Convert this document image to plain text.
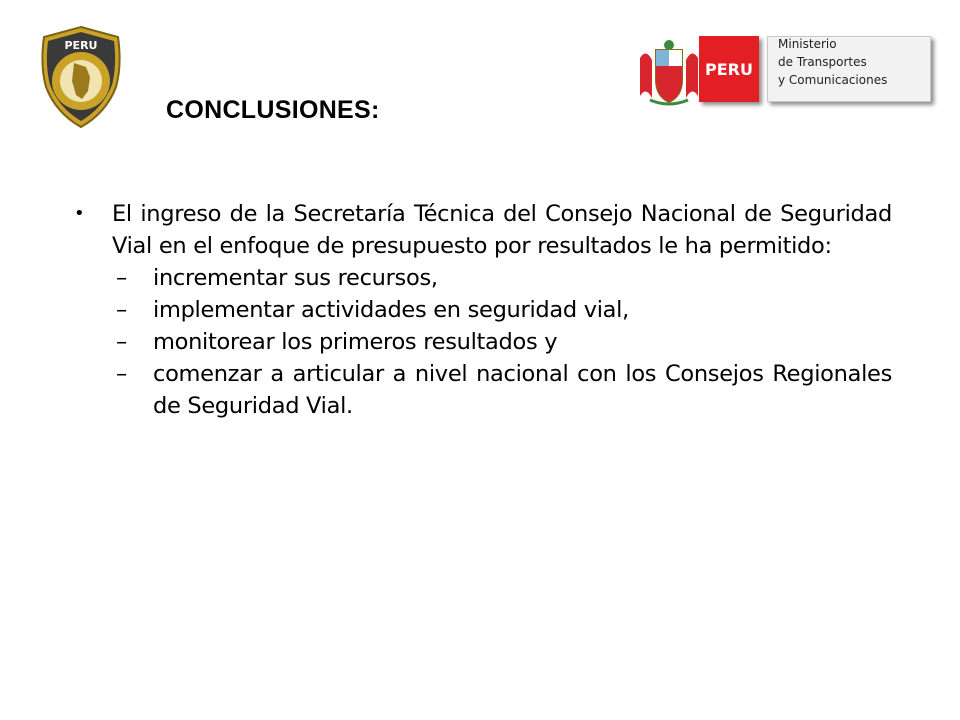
PERU
1996	CONCLUSIONES:
PERU
Ministerio
de Transportes
y Comunicaciones
• El ingreso de la Secretaría Técnica del Consejo Nacional de Seguridad Vial en el enfoque de presupuesto por resultados le ha permitido:
– incrementar sus recursos,
– implementar actividades en seguridad vial,
– monitorear los primeros resultados y
– comenzar a articular a nivel nacional con los Consejos Regionales de Seguridad Vial.
